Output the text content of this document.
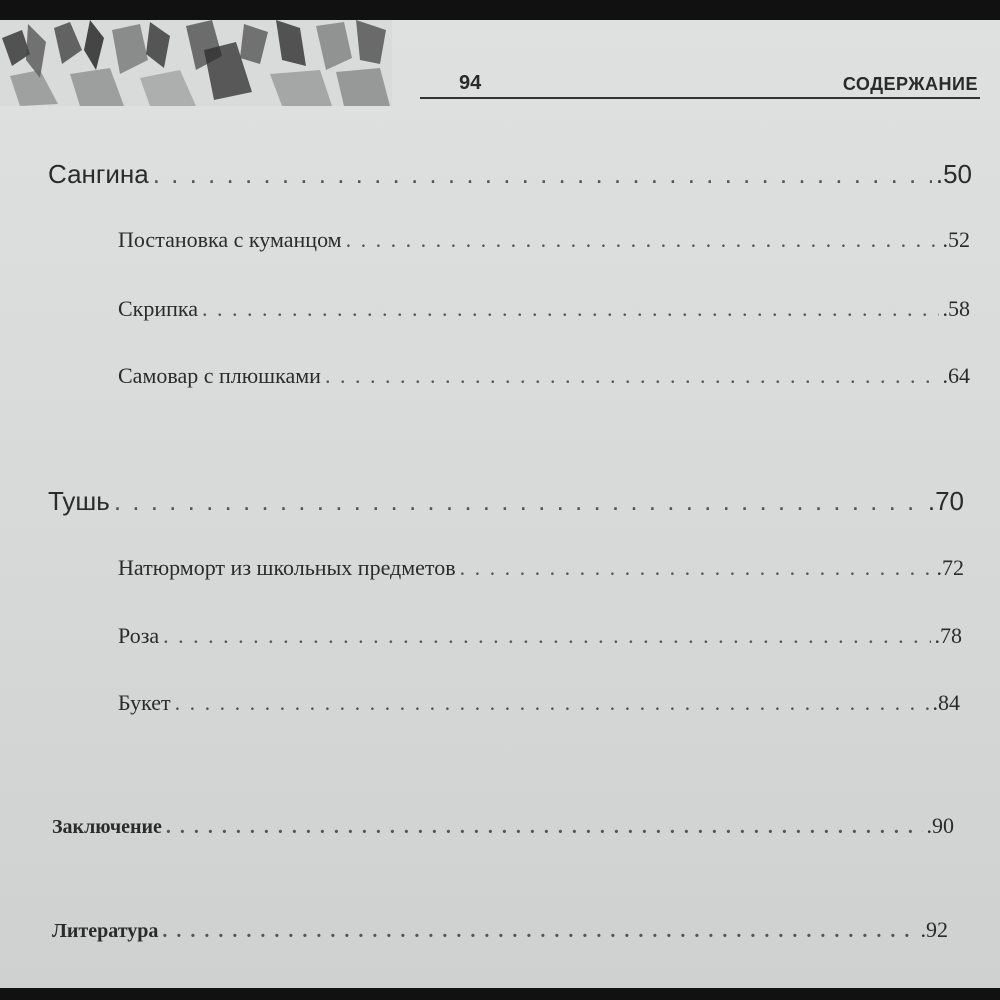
94	СОДЕРЖАНИЕ
Сангина . . .	.50
Постановка с куманцом . . .	.52
Скрипка . . .	.58
Самовар с плюшками . . .	.64
Тушь . . .	.70
Натюрморт из школьных предметов . . .	.72
Роза . . .	.78
Букет . . .	.84
Заключение . . .	.90
Литература . . .	.92
